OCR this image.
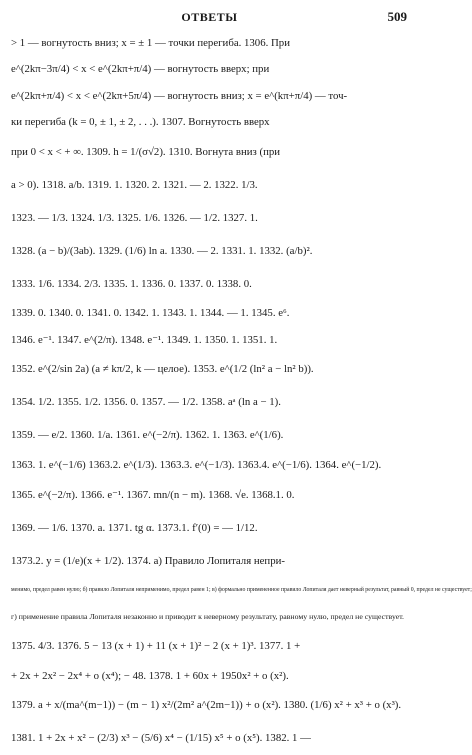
ОТВЕТЫ	509
> 1 — вогнутость вниз; x = ± 1 — точки перегиба. 1306. При
e^(2kπ−3π/4) < x < e^(2kπ+π/4) — вогнутость вверх; при
e^(2kπ+π/4) < x < e^(2kπ+5π/4) — вогнутость вниз; x = e^(kπ+π/4) — точ-
ки перегиба (k = 0, ± 1, ± 2, . . .). 1307. Вогнутость вверх
при 0 < x < + ∞. 1309. h = 1/(σ√2). 1310. Вогнута вниз (при
a > 0). 1318. a/b. 1319. 1. 1320. 2. 1321. — 2. 1322. 1/3.
1323. — 1/3. 1324. 1/3. 1325. 1/6. 1326. — 1/2. 1327. 1.
1328. (a − b)/(3ab). 1329. (1/6) ln a. 1330. — 2. 1331. 1. 1332. (a/b)².
1333. 1/6. 1334. 2/3. 1335. 1. 1336. 0. 1337. 0. 1338. 0.
1339. 0. 1340. 0. 1341. 0. 1342. 1. 1343. 1. 1344. — 1. 1345. e⁶.
1346. e⁻¹. 1347. e^(2/π). 1348. e⁻¹. 1349. 1. 1350. 1. 1351. 1.
1352. e^(2/sin 2a) (a ≠ kπ/2, k — целое). 1353. e^(1/2 (ln² a − ln² b)).
1354. 1/2. 1355. 1/2. 1356. 0. 1357. — 1/2. 1358. aᵃ (ln a − 1).
1359. — e/2. 1360. 1/a. 1361. e^(−2/π). 1362. 1. 1363. e^(1/6).
1363. 1. e^(−1/6) 1363.2. e^(1/3). 1363.3. e^(−1/3). 1363.4. e^(−1/6). 1364. e^(−1/2).
1365. e^(−2/π). 1366. e⁻¹. 1367. mn/(n − m). 1368. √e. 1368.1. 0.
1369. — 1/6. 1370. a. 1371. tg α. 1373.1. f′(0) = — 1/12.
1373.2. y = (1/e)(x + 1/2). 1374. а) Правило Лопиталя непри-
менимо, предел равен нулю; б) правило Лопиталя неприменимо, предел равен 1; в) формально примененное правило Лопиталя дает неверный результат, равный 0, предел не существует;
г) применение правила Лопиталя незаконно и приводит к неверному результату, равному нулю, предел не существует.
1375. 4/3. 1376. 5 − 13 (x + 1) + 11 (x + 1)² − 2 (x + 1)³. 1377. 1 +
+ 2x + 2x² − 2x⁴ + o (x⁴); − 48. 1378. 1 + 60x + 1950x² + o (x²).
1379. a + x/(ma^(m−1)) − (m − 1) x²/(2m² a^(2m−1)) + o (x²). 1380. (1/6) x² + x³ + o (x³).
1381. 1 + 2x + x² − (2/3) x³ − (5/6) x⁴ − (1/15) x⁵ + o (x⁵). 1382. 1 —
